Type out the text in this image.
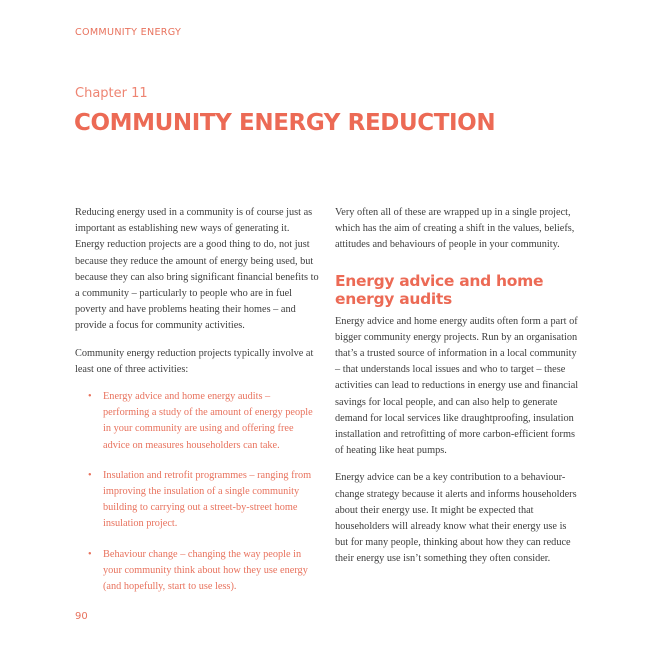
COMMUNITY ENERGY
Chapter 11
COMMUNITY ENERGY REDUCTION

Reducing energy used in a community is of course just as important as establishing new ways of generating it. Energy reduction projects are a good thing to do, not just because they reduce the amount of energy being used, but because they can also bring significant financial benefits to a community – particularly to people who are in fuel poverty and have problems heating their homes – and provide a focus for community activities.

Community energy reduction projects typically involve at least one of three activities:

• Energy advice and home energy audits – performing a study of the amount of energy people in your community are using and offering free advice on measures householders can take.
• Insulation and retrofit programmes – ranging from improving the insulation of a single community building to carrying out a street-by-street home insulation project.
• Behaviour change – changing the way people in your community think about how they use energy (and hopefully, start to use less).

Very often all of these are wrapped up in a single project, which has the aim of creating a shift in the values, beliefs, attitudes and behaviours of people in your community.

Energy advice and home energy audits

Energy advice and home energy audits often form a part of bigger community energy projects. Run by an organisation that’s a trusted source of information in a local community – that understands local issues and who to target – these activities can lead to reductions in energy use and financial savings for local people, and can also help to generate demand for local services like draughtproofing, insulation installation and retrofitting of more carbon-efficient forms of heating like heat pumps.

Energy advice can be a key contribution to a behaviour-change strategy because it alerts and informs householders about their energy use. It might be expected that householders will already know what their energy use is but for many people, thinking about how they can reduce their energy use isn’t something they often consider.

90
